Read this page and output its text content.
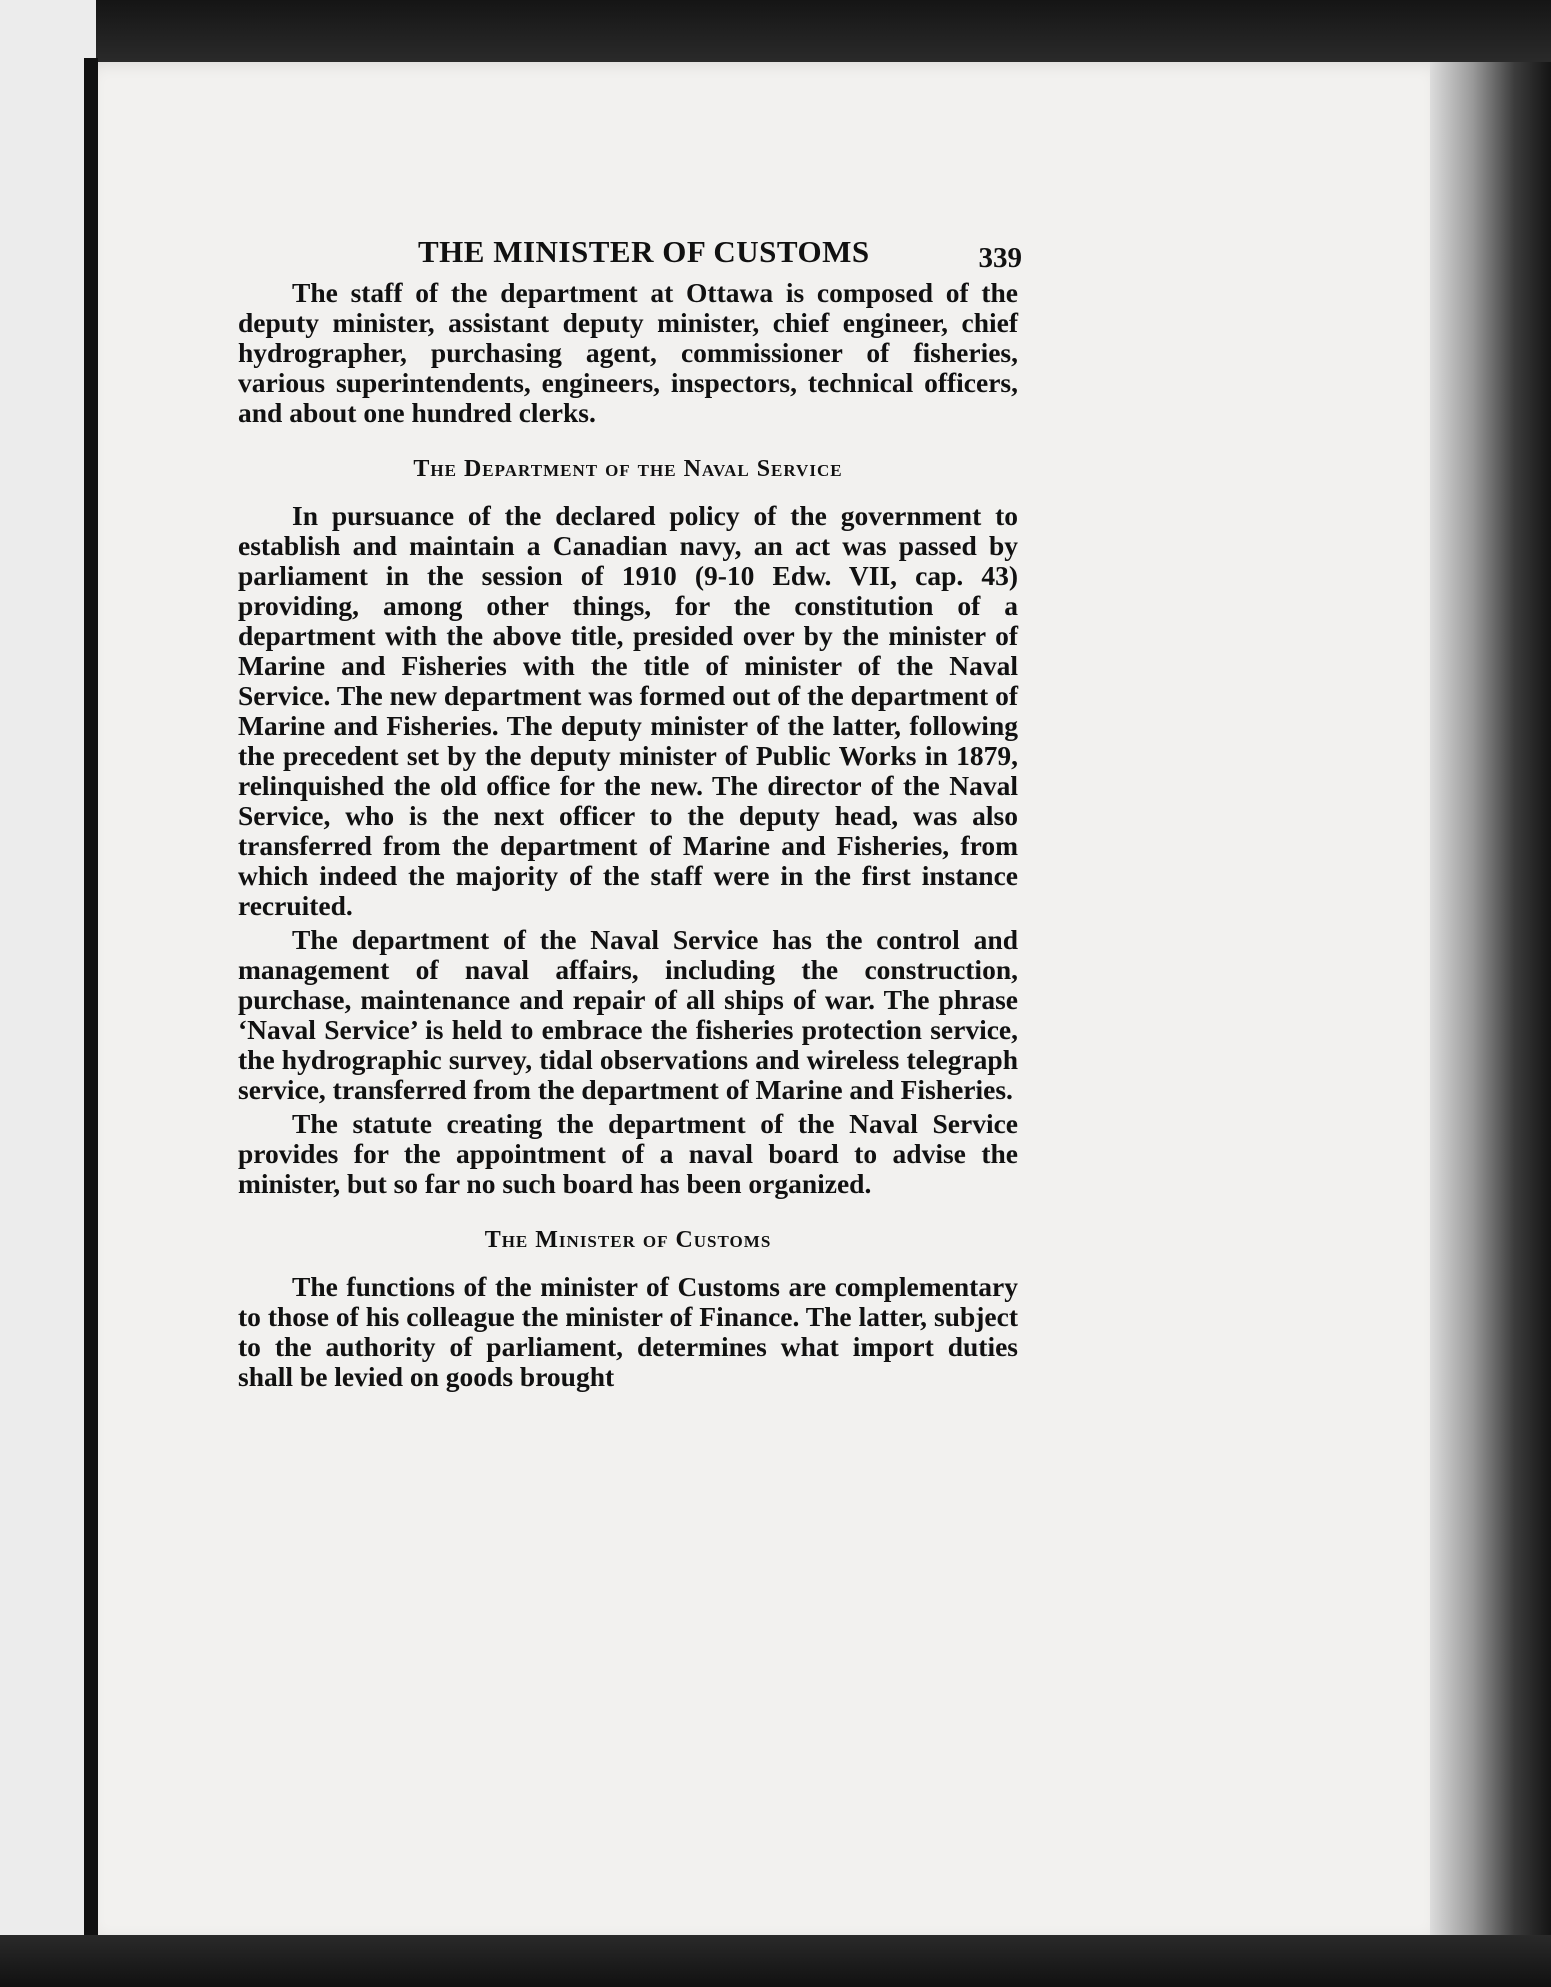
THE MINISTER OF CUSTOMS	339

The staff of the department at Ottawa is composed of the deputy minister, assistant deputy minister, chief engineer, chief hydrographer, purchasing agent, commissioner of fisheries, various superintendents, engineers, inspectors, technical officers, and about one hundred clerks.

The Department of the Naval Service

In pursuance of the declared policy of the government to establish and maintain a Canadian navy, an act was passed by parliament in the session of 1910 (9-10 Edw. VII, cap. 43) providing, among other things, for the constitution of a department with the above title, presided over by the minister of Marine and Fisheries with the title of minister of the Naval Service. The new department was formed out of the department of Marine and Fisheries. The deputy minister of the latter, following the precedent set by the deputy minister of Public Works in 1879, relinquished the old office for the new. The director of the Naval Service, who is the next officer to the deputy head, was also transferred from the department of Marine and Fisheries, from which indeed the majority of the staff were in the first instance recruited.

The department of the Naval Service has the control and management of naval affairs, including the construction, purchase, maintenance and repair of all ships of war. The phrase ‘Naval Service’ is held to embrace the fisheries protection service, the hydrographic survey, tidal observations and wireless telegraph service, transferred from the department of Marine and Fisheries.

The statute creating the department of the Naval Service provides for the appointment of a naval board to advise the minister, but so far no such board has been organized.

The Minister of Customs

The functions of the minister of Customs are complementary to those of his colleague the minister of Finance. The latter, subject to the authority of parliament, determines what import duties shall be levied on goods brought
